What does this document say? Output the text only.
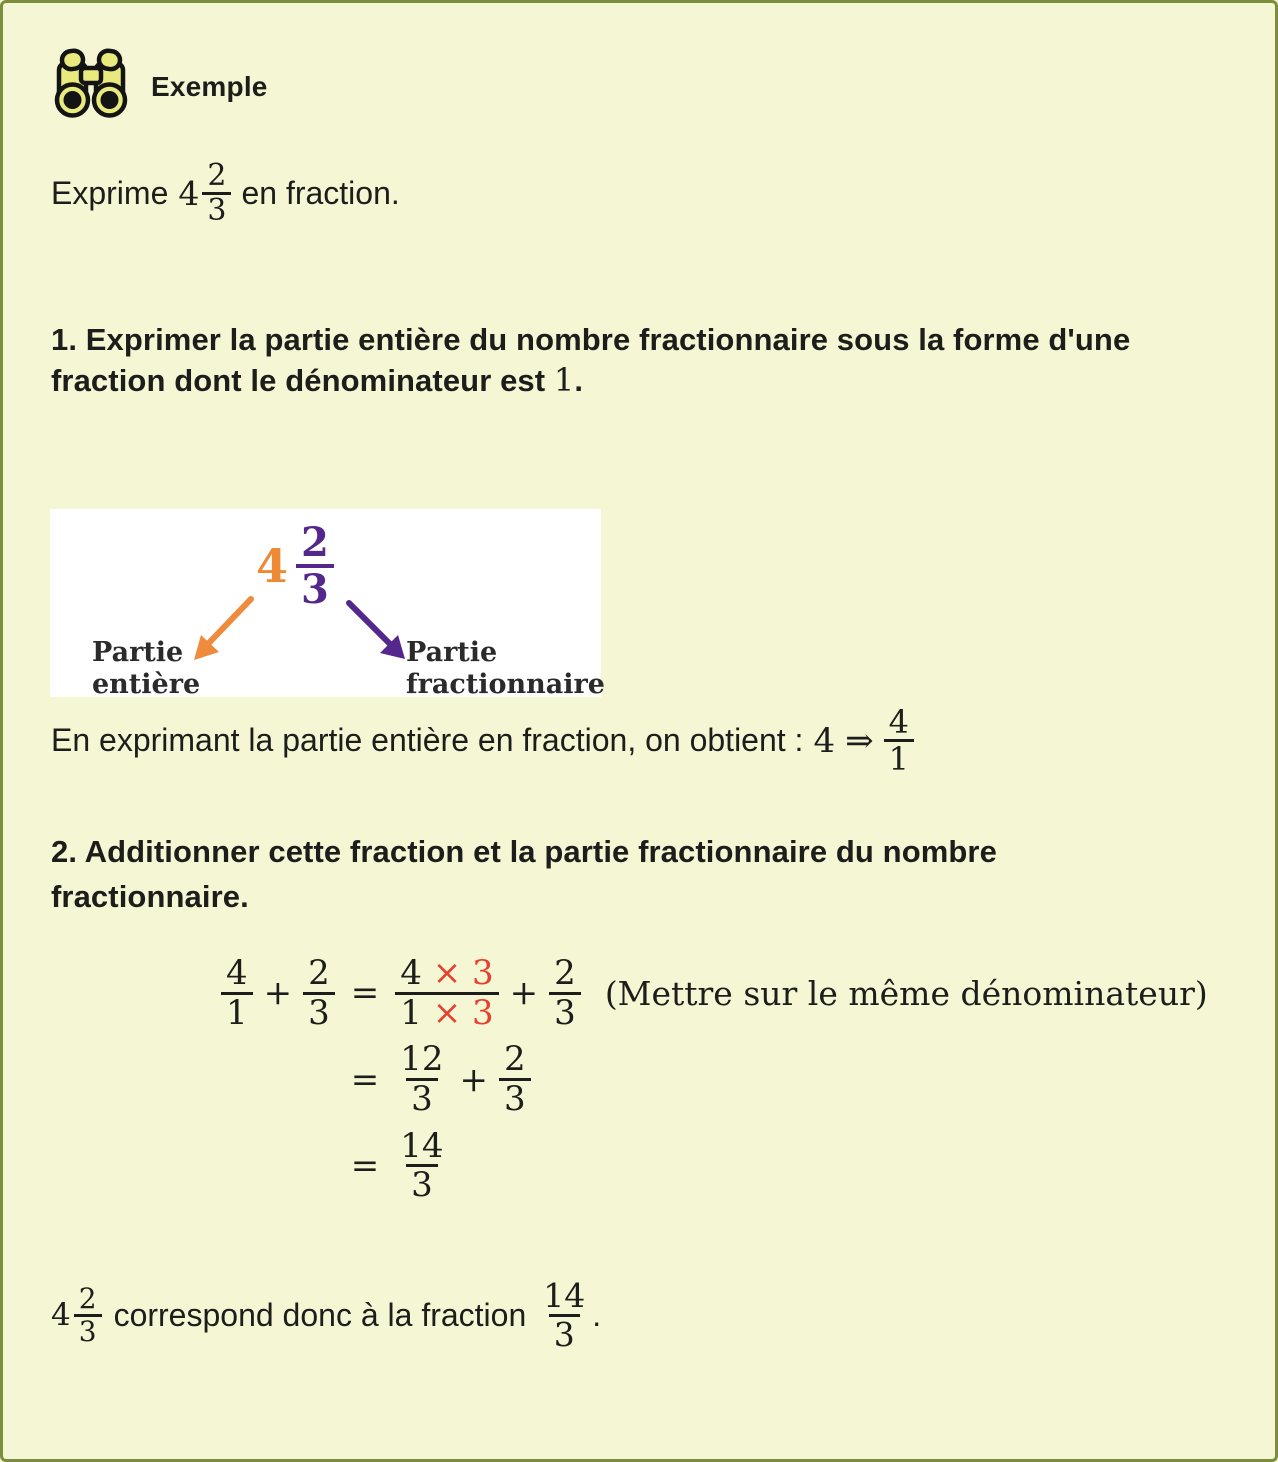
Exemple
Exprime $4 \frac{2}{3}$ en fraction.
1. Exprimer la partie entière du nombre fractionnaire sous la forme d'une
fraction dont le dénominateur est 1.
$4 \frac{2}{3}$
Partie
entière
Partie
fractionnaire
En exprimant la partie entière en fraction, on obtient : 4 ⇒ $\frac{4}{1}$
2. Additionner cette fraction et la partie fractionnaire du nombre
fractionnaire.
$\frac{4}{1} + \frac{2}{3} = \frac{4 \times 3}{1 \times 3} + \frac{2}{3}$ (Mettre sur le même dénominateur)
= $\frac{12}{3} + \frac{2}{3}$
= $\frac{14}{3}$
$4 \frac{2}{3}$ correspond donc à la fraction $\frac{14}{3}$ .
